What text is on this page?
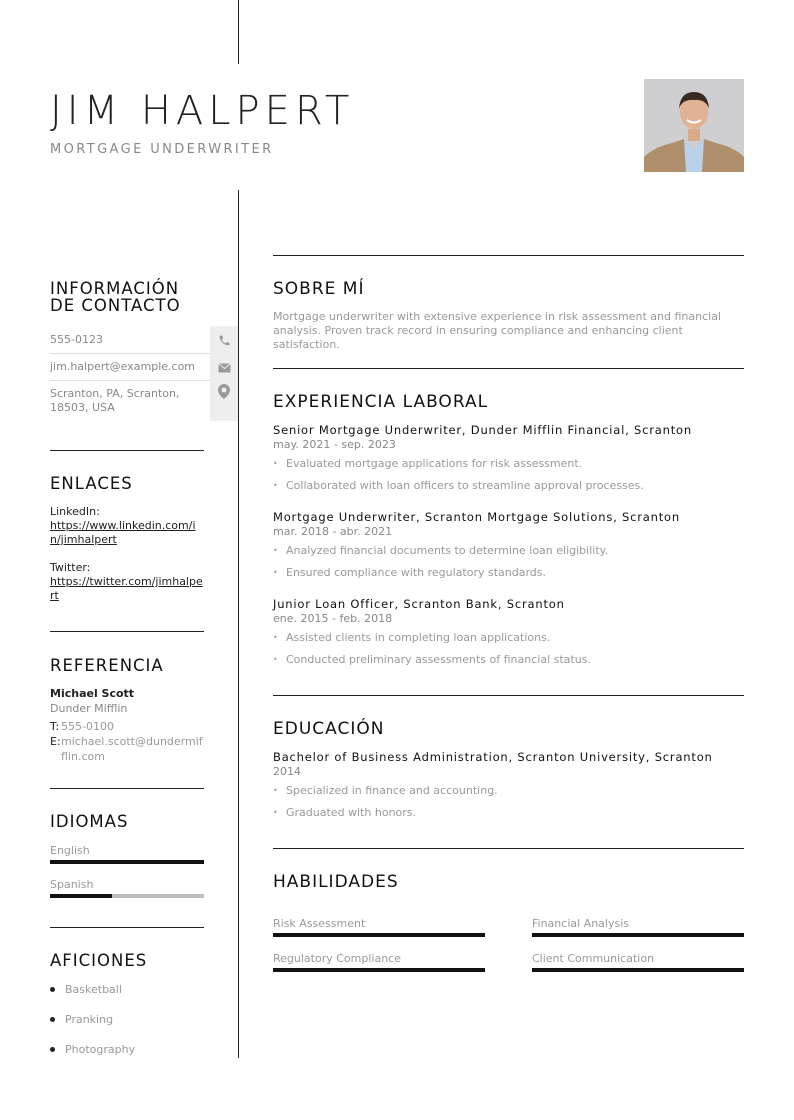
JIM HALPERT
MORTGAGE UNDERWRITER
INFORMACIÓN
DE CONTACTO
555-0123
jim.halpert@example.com
Scranton, PA, Scranton, 18503, USA
ENLACES
LinkedIn:
https://www.linkedin.com/in/jimhalpert
Twitter:
https://twitter.com/jimhalpert
REFERENCIA
Michael Scott
Dunder Mifflin
T: 555-0100
E: michael.scott@dundermifflin.com
IDIOMAS
English
Spanish
AFICIONES
Basketball
Pranking
Photography
SOBRE MÍ
Mortgage underwriter with extensive experience in risk assessment and financial analysis. Proven track record in ensuring compliance and enhancing client satisfaction.
EXPERIENCIA LABORAL
Senior Mortgage Underwriter, Dunder Mifflin Financial, Scranton
may. 2021 - sep. 2023
• Evaluated mortgage applications for risk assessment.
• Collaborated with loan officers to streamline approval processes.
Mortgage Underwriter, Scranton Mortgage Solutions, Scranton
mar. 2018 - abr. 2021
• Analyzed financial documents to determine loan eligibility.
• Ensured compliance with regulatory standards.
Junior Loan Officer, Scranton Bank, Scranton
ene. 2015 - feb. 2018
• Assisted clients in completing loan applications.
• Conducted preliminary assessments of financial status.
EDUCACIÓN
Bachelor of Business Administration, Scranton University, Scranton
2014
• Specialized in finance and accounting.
• Graduated with honors.
HABILIDADES
Risk Assessment	Financial Analysis
Regulatory Compliance	Client Communication
